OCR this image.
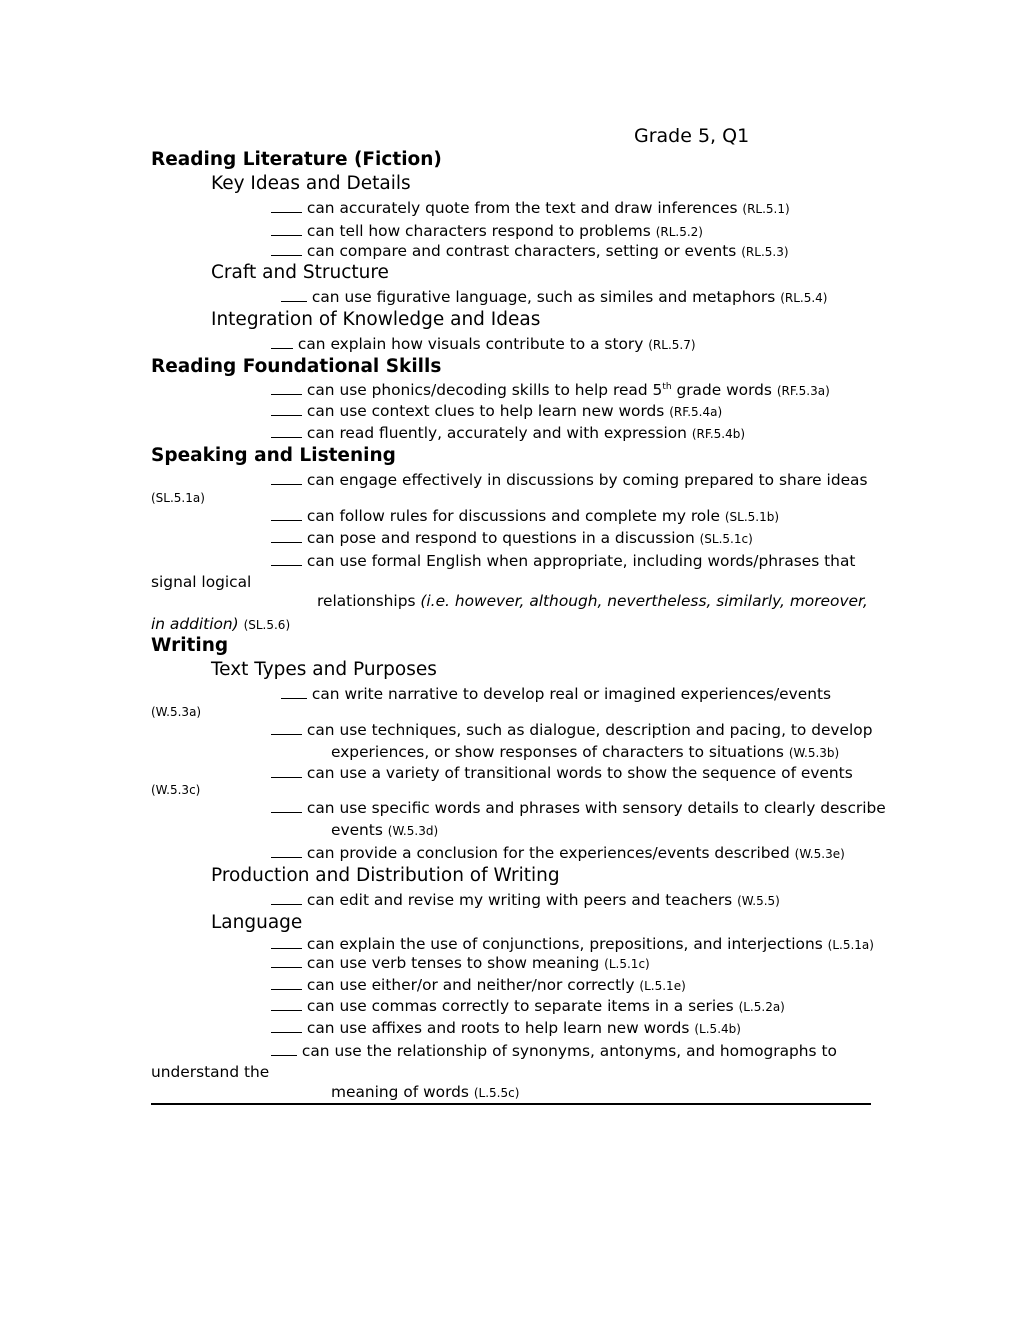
Grade 5, Q1
Reading Literature (Fiction)
Key Ideas and Details
can accurately quote from the text and draw inferences (RL.5.1)
can tell how characters respond to problems (RL.5.2)
can compare and contrast characters, setting or events (RL.5.3)
Craft and Structure
can use figurative language, such as similes and metaphors (RL.5.4)
Integration of Knowledge and Ideas
can explain how visuals contribute to a story (RL.5.7)
Reading Foundational Skills
can use phonics/decoding skills to help read 5th grade words (RF.5.3a)
can use context clues to help learn new words (RF.5.4a)
can read fluently, accurately and with expression (RF.5.4b)
Speaking and Listening
can engage effectively in discussions by coming prepared to share ideas
(SL.5.1a)
can follow rules for discussions and complete my role (SL.5.1b)
can pose and respond to questions in a discussion (SL.5.1c)
can use formal English when appropriate, including words/phrases that
signal logical
relationships (i.e. however, although, nevertheless, similarly, moreover,
in addition) (SL.5.6)
Writing
Text Types and Purposes
can write narrative to develop real or imagined experiences/events
(W.5.3a)
can use techniques, such as dialogue, description and pacing, to develop
experiences, or show responses of characters to situations (W.5.3b)
can use a variety of transitional words to show the sequence of events
(W.5.3c)
can use specific words and phrases with sensory details to clearly describe
events (W.5.3d)
can provide a conclusion for the experiences/events described (W.5.3e)
Production and Distribution of Writing
can edit and revise my writing with peers and teachers (W.5.5)
Language
can explain the use of conjunctions, prepositions, and interjections (L.5.1a)
can use verb tenses to show meaning (L.5.1c)
can use either/or and neither/nor correctly (L.5.1e)
can use commas correctly to separate items in a series (L.5.2a)
can use affixes and roots to help learn new words (L.5.4b)
can use the relationship of synonyms, antonyms, and homographs to
understand the
meaning of words (L.5.5c)
